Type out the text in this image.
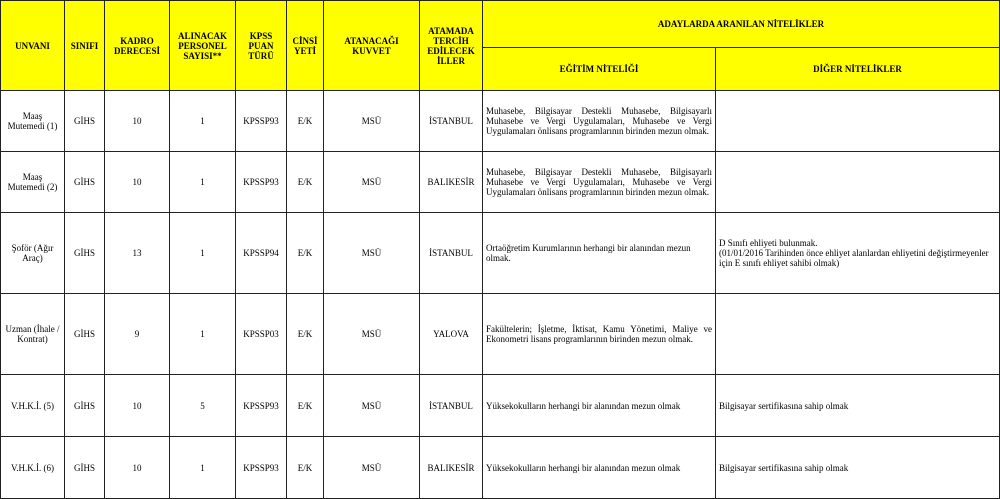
UNVANI	SINIFI	KADRO DERECESİ	ALINACAK PERSONEL SAYISI**	KPSS PUAN TÜRÜ	CİNSİ YETİ	ATANACAĞI KUVVET	ATAMADA TERCİH EDİLECEK İLLER	ADAYLARDA ARANILAN NİTELİKLER	
								EĞİTİM NİTELİĞİ	DİĞER NİTELİKLER
Maaş Mutemedi (1)	GİHS	10	1	KPSSP93	E/K	MSÜ	İSTANBUL	Muhasebe, Bilgisayar Destekli Muhasebe, Bilgisayarlı Muhasebe ve Vergi Uygulamaları, Muhasebe ve Vergi Uygulamaları önlisans programlarının birinden mezun olmak.	
Maaş Mutemedi (2)	GİHS	10	1	KPSSP93	E/K	MSÜ	BALIKESİR	Muhasebe, Bilgisayar Destekli Muhasebe, Bilgisayarlı Muhasebe ve Vergi Uygulamaları, Muhasebe ve Vergi Uygulamaları önlisans programlarının birinden mezun olmak.	
Şoför (Ağır Araç)	GİHS	13	1	KPSSP94	E/K	MSÜ	İSTANBUL	Ortaöğretim Kurumlarının herhangi bir alanından mezun olmak.	D Sınıfı ehliyeti bulunmak.
(01/01/2016 Tarihinden önce ehliyet alanlardan ehliyetini değiştirmeyenler için E sınıfı ehliyet sahibi olmak)
Uzman (İhale / Kontrat)	GİHS	9	1	KPSSP03	E/K	MSÜ	YALOVA	Fakültelerin; İşletme, İktisat, Kamu Yönetimi, Maliye ve Ekonometri lisans programlarının birinden mezun olmak.	
V.H.K.İ. (5)	GİHS	10	5	KPSSP93	E/K	MSÜ	İSTANBUL	Yüksekokulların herhangi bir alanından mezun olmak	Bilgisayar sertifikasına sahip olmak
V.H.K.İ. (6)	GİHS	10	1	KPSSP93	E/K	MSÜ	BALIKESİR	Yüksekokulların herhangi bir alanından mezun olmak	Bilgisayar sertifikasına sahip olmak
